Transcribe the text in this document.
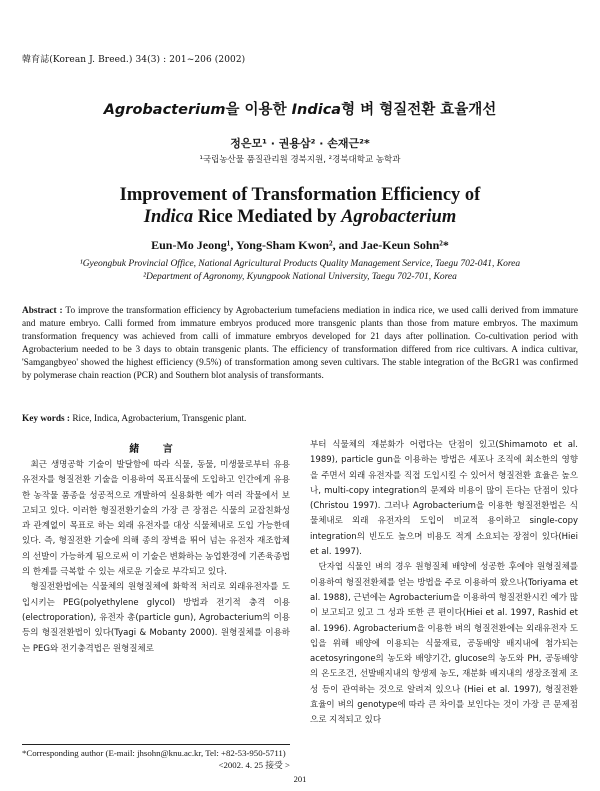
韓育誌(Korean J. Breed.) 34(3) : 201~206 (2002)
Agrobacterium을 이용한 Indica형 벼 형질전환 효율개선
정은모¹ · 권용삼² · 손재근²*
¹국립농산물 품질관리원 경북지원, ²경북대학교 농학과
Improvement of Transformation Efficiency of
Indica Rice Mediated by Agrobacterium
Eun-Mo Jeong¹, Yong-Sham Kwon², and Jae-Keun Sohn²*
¹Gyeongbuk Provincial Office, National Agricultural Products Quality Management Service, Taegu 702-041, Korea
²Department of Agronomy, Kyungpook National University, Taegu 702-701, Korea
Abstract : To improve the transformation efficiency by Agrobacterium tumefaciens mediation in indica rice, we used calli derived from immature and mature embryo. Calli formed from immature embryos produced more transgenic plants than those from mature embryos. The maximum transformation frequency was achieved from calli of immature embryos developed for 21 days after pollination. Co-cultivation period with Agrobacterium needed to be 3 days to obtain transgenic plants. The efficiency of transformation differed from rice cultivars. A indica cultivar, 'Samgangbyeo' showed the highest efficiency (9.5%) of transformation among seven cultivars. The stable integration of the BcGR1 was confirmed by polymerase chain reaction (PCR) and Southern blot analysis of transformants.
Key words : Rice, Indica, Agrobacterium, Transgenic plant.
緒 言

최근 생명공학 기술이 발달함에 따라 식물, 동물, 미생물로부터 유용 유전자를 형질전환 기술을 이용하여 목표식물에 도입하고 인간에게 유용한 농작물 품종을 성공적으로 개발하여 실용화한 예가 여러 작물에서 보고되고 있다. 이러한 형질전환기술의 가장 큰 장점은 식물의 교잡친화성과 관계없이 목표로 하는 외래 유전자를 대상 식물체내로 도입 가능한데 있다. 즉, 형질전환 기술에 의해 종의 장벽을 뛰어 넘는 유전자 재조합체의 선발이 가능하게 됨으로써 이 기술은 변화하는 농업환경에 기존육종법의 한계를 극복할 수 있는 새로운 기술로 부각되고 있다.

형질전환법에는 식물체의 원형질체에 화학적 처리로 외래유전자를 도입시키는 PEG(polyethylene glycol) 방법과 전기적 충격 이용(electroporation), 유전자 총(particle gun), Agrobacterium의 이용 등의 형질전환법이 있다(Tyagi & Mobanty 2000). 원형질체를 이용하는 PEG와 전기충격법은 원형질체로

부터 식물체의 재분화가 어렵다는 단점이 있고(Shimamoto et al. 1989), particle gun을 이용하는 방법은 세포나 조직에 최소한의 영향을 주면서 외래 유전자를 직접 도입시킬 수 있어서 형질전환 효율은 높으나, multi-copy integration의 문제와 비용이 많이 든다는 단점이 있다(Christou 1997). 그러나 Agrobacterium을 이용한 형질전환법은 식물체내로 외래 유전자의 도입이 비교적 용이하고 single-copy integration의 빈도도 높으며 비용도 적게 소요되는 장점이 있다(Hiei et al. 1997).

단자엽 식물인 벼의 경우 원형질체 배양에 성공한 후에야 원형질체를 이용하여 형질전환체를 얻는 방법을 주로 이용하여 왔으나(Toriyama et al. 1988), 근년에는 Agrobacterium을 이용하여 형질전환시킨 예가 많이 보고되고 있고 그 성과 또한 큰 편이다(Hiei et al. 1997, Rashid et al. 1996). Agrobacterium을 이용한 벼의 형질전환에는 외래유전자 도입을 위해 배양에 이용되는 식물재료, 공동배양 배지내에 첨가되는 acetosyringone의 농도와 배양기간, glucose의 농도와 PH, 공동배양의 온도조건, 선발배지내의 항생제 농도, 재분화 배지내의 생장조절제 조성 등이 관여하는 것으로 알려져 있으나 (Hiei et al. 1997), 형질전환 효율이 벼의 genotype에 따라 큰 차이를 보인다는 것이 가장 큰 문제점으로 지적되고 있다

*Corresponding author (E-mail: jhsohn@knu.ac.kr, Tel: +82-53-950-5711)
<2002. 4. 25 接受 >
201
